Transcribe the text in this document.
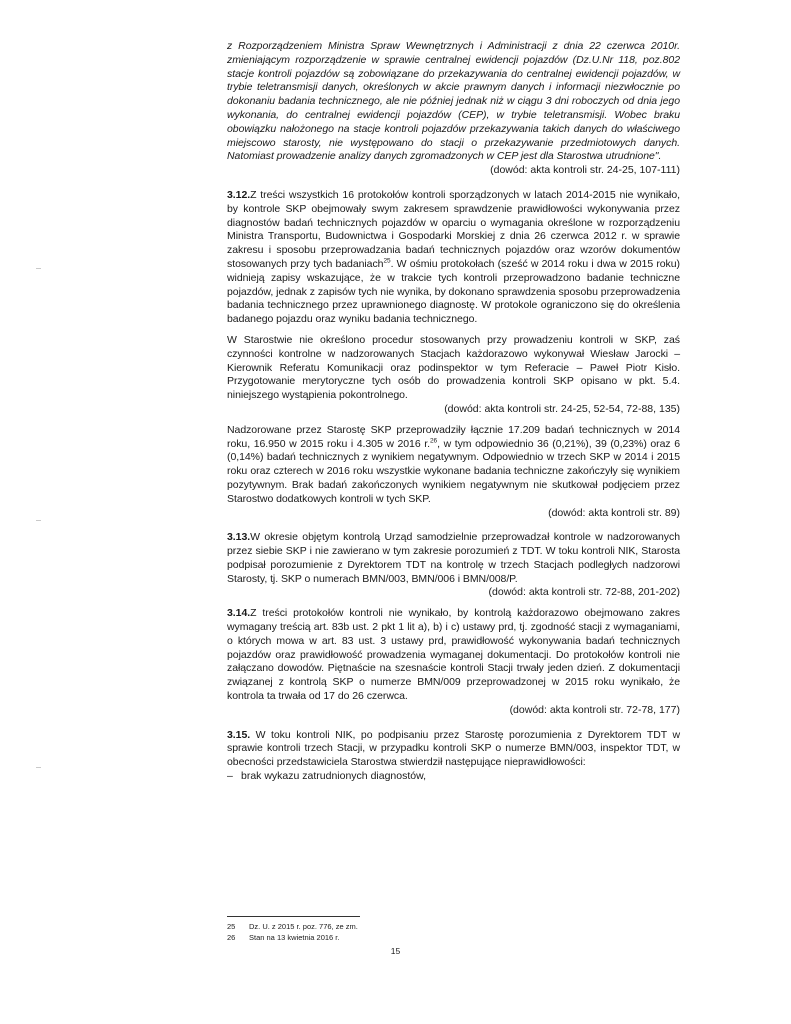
z Rozporządzeniem Ministra Spraw Wewnętrznych i Administracji z dnia 22 czerwca 2010r. zmieniającym rozporządzenie w sprawie centralnej ewidencji pojazdów (Dz.U.Nr 118, poz.802 stacje kontroli pojazdów są zobowiązane do przekazywania do centralnej ewidencji pojazdów, w trybie teletransmisji danych, określonych w akcie prawnym danych i informacji niezwłocznie po dokonaniu badania technicznego, ale nie później jednak niż w ciągu 3 dni roboczych od dnia jego wykonania, do centralnej ewidencji pojazdów (CEP), w trybie teletransmisji. Wobec braku obowiązku nałożonego na stacje kontroli pojazdów przekazywania takich danych do właściwego miejscowo starosty, nie występowano do stacji o przekazywanie przedmiotowych danych. Natomiast prowadzenie analizy danych zgromadzonych w CEP jest dla Starostwa utrudnione".

(dowód: akta kontroli str. 24-25, 107-111)

3.12.Z treści wszystkich 16 protokołów kontroli sporządzonych w latach 2014-2015 nie wynikało, by kontrole SKP obejmowały swym zakresem sprawdzenie prawidłowości wykonywania przez diagnostów badań technicznych pojazdów w oparciu o wymagania określone w rozporządzeniu Ministra Transportu, Budownictwa i Gospodarki Morskiej z dnia 26 czerwca 2012 r. w sprawie zakresu i sposobu przeprowadzania badań technicznych pojazdów oraz wzorów dokumentów stosowanych przy tych badaniach$^{25}$. W ośmiu protokołach (sześć w 2014 roku i dwa w 2015 roku) widnieją zapisy wskazujące, że w trakcie tych kontroli przeprowadzono badanie techniczne pojazdów, jednak z zapisów tych nie wynika, by dokonano sprawdzenia sposobu przeprowadzenia badania technicznego przez uprawnionego diagnostę. W protokole ograniczono się do określenia badanego pojazdu oraz wyniku badania technicznego.

W Starostwie nie określono procedur stosowanych przy prowadzeniu kontroli w SKP, zaś czynności kontrolne w nadzorowanych Stacjach każdorazowo wykonywał Wiesław Jarocki – Kierownik Referatu Komunikacji oraz podinspektor w tym Referacie – Paweł Piotr Kisło. Przygotowanie merytoryczne tych osób do prowadzenia kontroli SKP opisano w pkt. 5.4. niniejszego wystąpienia pokontrolnego.

(dowód: akta kontroli str. 24-25, 52-54, 72-88, 135)

Nadzorowane przez Starostę SKP przeprowadziły łącznie 17.209 badań technicznych w 2014 roku, 16.950 w 2015 roku i 4.305 w 2016 r.$^{26}$, w tym odpowiednio 36 (0,21%), 39 (0,23%) oraz 6 (0,14%) badań technicznych z wynikiem negatywnym. Odpowiednio w trzech SKP w 2014 i 2015 roku oraz czterech w 2016 roku wszystkie wykonane badania techniczne zakończyły się wynikiem pozytywnym. Brak badań zakończonych wynikiem negatywnym nie skutkował podjęciem przez Starostwo dodatkowych kontroli w tych SKP.

(dowód: akta kontroli str. 89)

3.13.W okresie objętym kontrolą Urząd samodzielnie przeprowadzał kontrole w nadzorowanych przez siebie SKP i nie zawierano w tym zakresie porozumień z TDT. W toku kontroli NIK, Starosta podpisał porozumienie z Dyrektorem TDT na kontrolę w trzech Stacjach podległych nadzorowi Starosty, tj. SKP o numerach BMN/003, BMN/006 i BMN/008/P.

(dowód: akta kontroli str. 72-88, 201-202)

3.14.Z treści protokołów kontroli nie wynikało, by kontrolą każdorazowo obejmowano zakres wymagany treścią art. 83b ust. 2 pkt 1 lit a), b) i c) ustawy prd, tj. zgodność stacji z wymaganiami, o których mowa w art. 83 ust. 3 ustawy prd, prawidłowość wykonywania badań technicznych pojazdów oraz prawidłowość prowadzenia wymaganej dokumentacji. Do protokołów kontroli nie załączano dowodów. Piętnaście na szesnaście kontroli Stacji trwały jeden dzień. Z dokumentacji związanej z kontrolą SKP o numerze BMN/009 przeprowadzonej w 2015 roku wynikało, że kontrola ta trwała od 17 do 26 czerwca.

(dowód: akta kontroli str. 72-78, 177)

3.15. W toku kontroli NIK, po podpisaniu przez Starostę porozumienia z Dyrektorem TDT w sprawie kontroli trzech Stacji, w przypadku kontroli SKP o numerze BMN/003, inspektor TDT, w obecności przedstawiciela Starostwa stwierdził następujące nieprawidłowości:

– brak wykazu zatrudnionych diagnostów,

25 Dz. U. z 2015 r. poz. 776, ze zm.

26 Stan na 13 kwietnia 2016 r.

15
